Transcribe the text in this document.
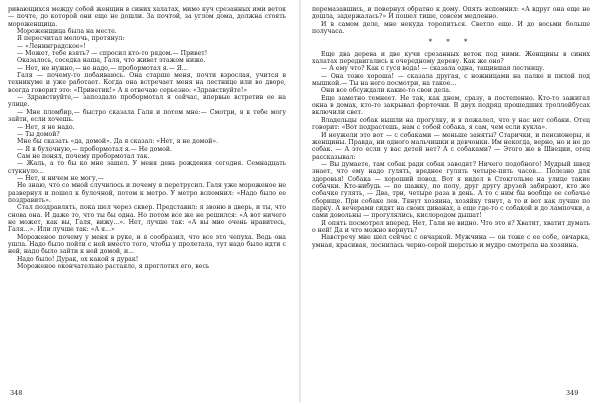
ривающихся между собой женщин в синих халатах, мимо куч срезанных ими веток — почте, до которой они еще не дошли. За почтой, за углом дома, должна стоять мороженщица.

Мороженщица была на месте.

Я пересчитал мелочь, протянул:

— «Ленинградское»!

— Может, тебе взять? — спросил кто-то рядом.— Привет!

Оказалось, соседка наша, Галя, что живет этажом ниже.

— Нет, не нужно,— не надо,— пробормотал я.— Я...

Галя — почему-то побаиваюсь. Она старше меня, почти взрослая, учится в техникуме и уже работает. Когда она встречает меня на лестнице или во дворе, всегда говорит это: «Приветик!» А я отвечаю серьезно: «Здравствуйте!»

— Здравствуйте,— запоздало пробормотал я сейчас, впервые встретив ее на улице.

— Мне пломбир,— быстро сказала Галя и потом мне:— Смотри, я к тебе могу зайти, если хочешь.

— Нет, я не надо.

— Ты домой?

Мне бы сказать «да, домой». Да я сказал: «Нет, я не домой».

— Я в булочную,— пробормотал я.— Не домой.

Сам не понял, почему пробормотал так.

— Жаль, а то бы ко мне зашел. У меня день рождения сегодня. Семнадцать стукнуло...

— Нет, и ничем не могу,—

Не знаю, что со мной случилось и почему я перетрусил. Галя уже мороженое не развернул и пошел к булочной, потом к метро. У метро вспомнил: «Надо было ее поздравить».

Стал поздравлять, пока шел через сквер. Представил: я звоню в дверь, и ты, что снова она. И даже то, что ты бы одна. Но потом все же не решился: «А вот ничего не может, как вы, Галя, вижу...». Нет, лучше так: «А вы мне очень нравитесь, Галя...». Или лучше так: «А я...»

Мороженое почему у меня в руке, и я сообразил, что все это чепуха. Ведь она ушла. Надо было пойти с ней вместо того, чтобы у пролетала, тут надо было идти с ней, надо было зайти к ней домой, и...

Надо было! Дурак, ох какой я дурак!

Мороженое окончательно растаяло, я проглотил его, весь

перемазавшись, и повернул обратно к дому. Опять вспомнил: «А вдруг она еще не дошла, задержалась?» И пошел тише, совсем медленно.

И в самом деле, мне некуда торопиться. Светло еще. И до восьми больше получаса.

* * *

Еще два дерева и две кучи срезанных веток под ними. Женщины в синих халатах передвигались к очередному дереву. Как же оно?

— А ему что? Как с гуся вода! — сказала одна, тащившая лестницу.

— Она тоже хороша! — сказала другая, с ножницами на палке и пилой под мышкой.— Ты на него посмотри, на такое...

Они все обсуждали какие-то свои дела.

Еще заметно темнеет. Не так, как днем, сразу, в постепенно. Кто-то зажигал окна в домах, кто-то закрывал форточки. В двух подряд прошедших троллейбусах включили свет.

Владельцы собак вышли на прогулку, и я пожалел, что у нас нет собаки. Отец говорит: «Вот подрастешь, нам с тобой собака, я сам, чем если кукла».

И неужели это вот — с собаками — меньше заняты? Старички, и пенсионеры, и женщины. Правда, ни одного мальчишки и девчонки. Им некогда, верно, но и не до собак. — А это если у вас детей нет? А с собаками? — Этого же в Швеции, отец рассказывал:

— Вы думаете, там собак ради собак заводят? Ничего подобного! Мудрый швед знает, что ему надо гулять, вреднее гулять четыре-пять часов... Полезно для здоровья! Собака — хороший повод. Вот я видел в Стокгольме на улице такие собачки. Кто-нибудь — по шажку, по полу, друг другу друзей забирают, кто же собачке гулять, — Два, три, четыре раза в день. А то с ним бы вообще ее собачье сборище. При собаке лев. Тянут хозяина, хозяйку тянут, а то и вот как лучше по парку. А вечерами сидят на своих диванах, а еще где-то с собакой и до лампочки, а сами довольны — прогулялись, кислородом дышат!

Я опять посмотрел вперед. Нет, Гали не видно. Что это я? Хватит, хватит думать о ней! Да и что можно вернуть?

Навстречу мне шел сейчас с овчаркой. Мужчина — он тоже с ее собе, овчарка, умная, красивая, лоснилась черно-серой шерстью и мудро смотрела на хозяина.

348	349
